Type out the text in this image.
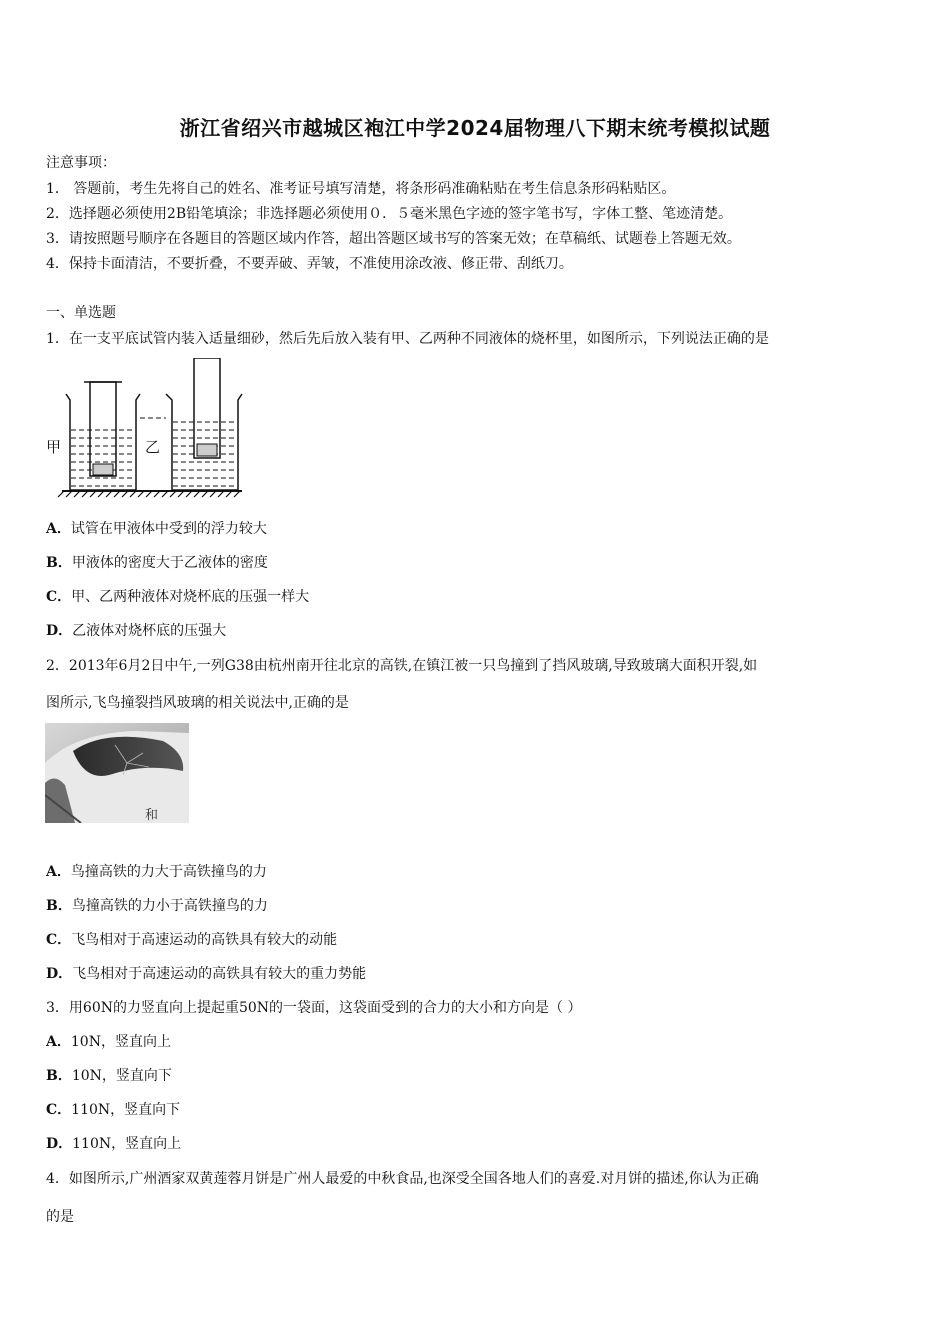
浙江省绍兴市越城区袍江中学2024届物理八下期末统考模拟试题
注意事项：
1． 答题前，考生先将自己的姓名、准考证号填写清楚，将条形码准确粘贴在考生信息条形码粘贴区。
2．选择题必须使用2B铅笔填涂；非选择题必须使用０．５毫米黑色字迹的签字笔书写，字体工整、笔迹清楚。
3．请按照题号顺序在各题目的答题区域内作答，超出答题区域书写的答案无效；在草稿纸、试题卷上答题无效。
4．保持卡面清洁，不要折叠，不要弄破、弄皱，不准使用涂改液、修正带、刮纸刀。
一、单选题
1．在一支平底试管内装入适量细砂，然后先后放入装有甲、乙两种不同液体的烧杯里，如图所示，下列说法正确的是
甲	乙
A．试管在甲液体中受到的浮力较大
B．甲液体的密度大于乙液体的密度
C．甲、乙两种液体对烧杯底的压强一样大
D．乙液体对烧杯底的压强大
2．2013年6月2日中午,一列G38由杭州南开往北京的高铁,在镇江被一只鸟撞到了挡风玻璃,导致玻璃大面积开裂,如
图所示,飞鸟撞裂挡风玻璃的相关说法中,正确的是
和
A．鸟撞高铁的力大于高铁撞鸟的力
B．鸟撞高铁的力小于高铁撞鸟的力
C．飞鸟相对于高速运动的高铁具有较大的动能
D．飞鸟相对于高速运动的高铁具有较大的重力势能
3．用60N的力竖直向上提起重50N的一袋面，这袋面受到的合力的大小和方向是（ ）
A．10N，竖直向上
B．10N，竖直向下
C．110N，竖直向下
D．110N，竖直向上
4．如图所示,广州酒家双黄莲蓉月饼是广州人最爱的中秋食品,也深受全国各地人们的喜爱.对月饼的描述,你认为正确
的是
